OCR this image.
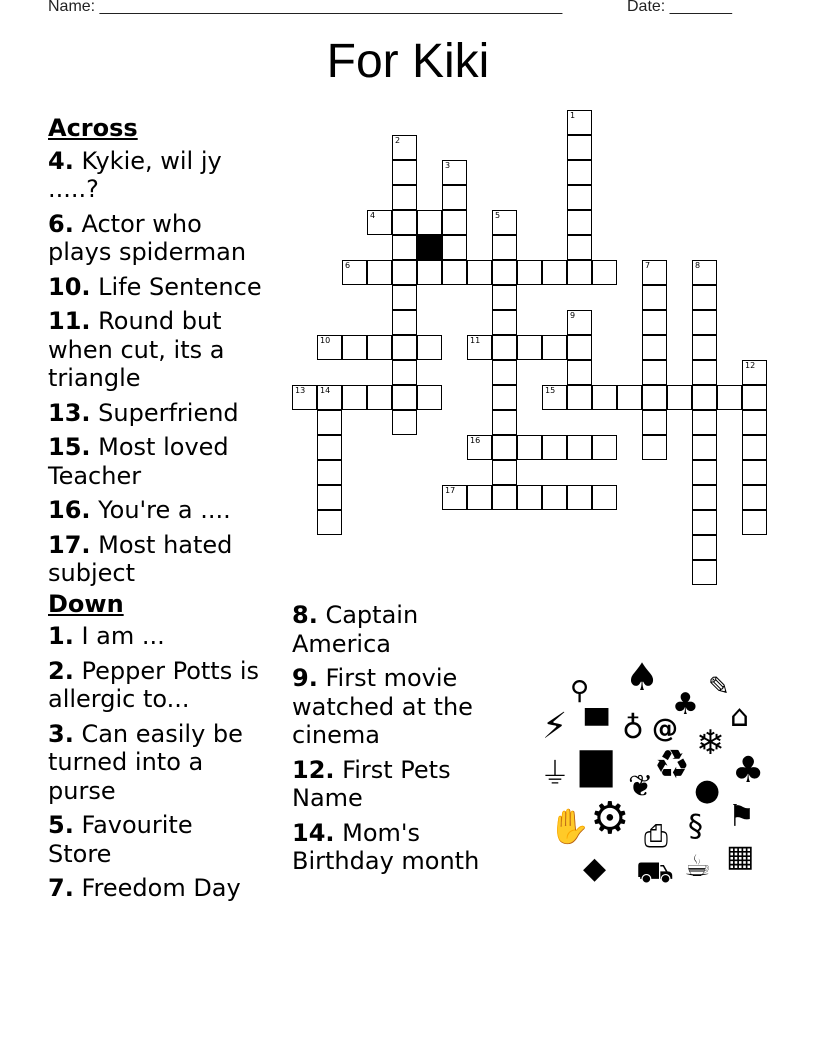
Name: ____________________________________________________	Date: _______
For Kiki
Across
4. Kykie, wil jy .....?
6. Actor who plays spiderman
10. Life Sentence
11. Round but when cut, its a triangle
13. Superfriend
15. Most loved Teacher
16. You're a ....
17. Most hated subject
Down
1. I am ...
2. Pepper Potts is allergic to...
3. Can easily be turned into a purse
5. Favourite Store
7. Freedom Day
8. Captain America
9. First movie watched at the cinema
12. First Pets Name
14. Mom's Birthday month
1
2
3
4	5
6	7	8
9
10	11
12
13 14	15
16
17
⚲ ♠
♣ ✎
⚡ ▀ ♁ @ ⌂
❄
⏚ ▆ ♻
❦ ● ♣
✋ ⚙ ⎙ § ⚑
◆ ⛟ ☕ ▦
